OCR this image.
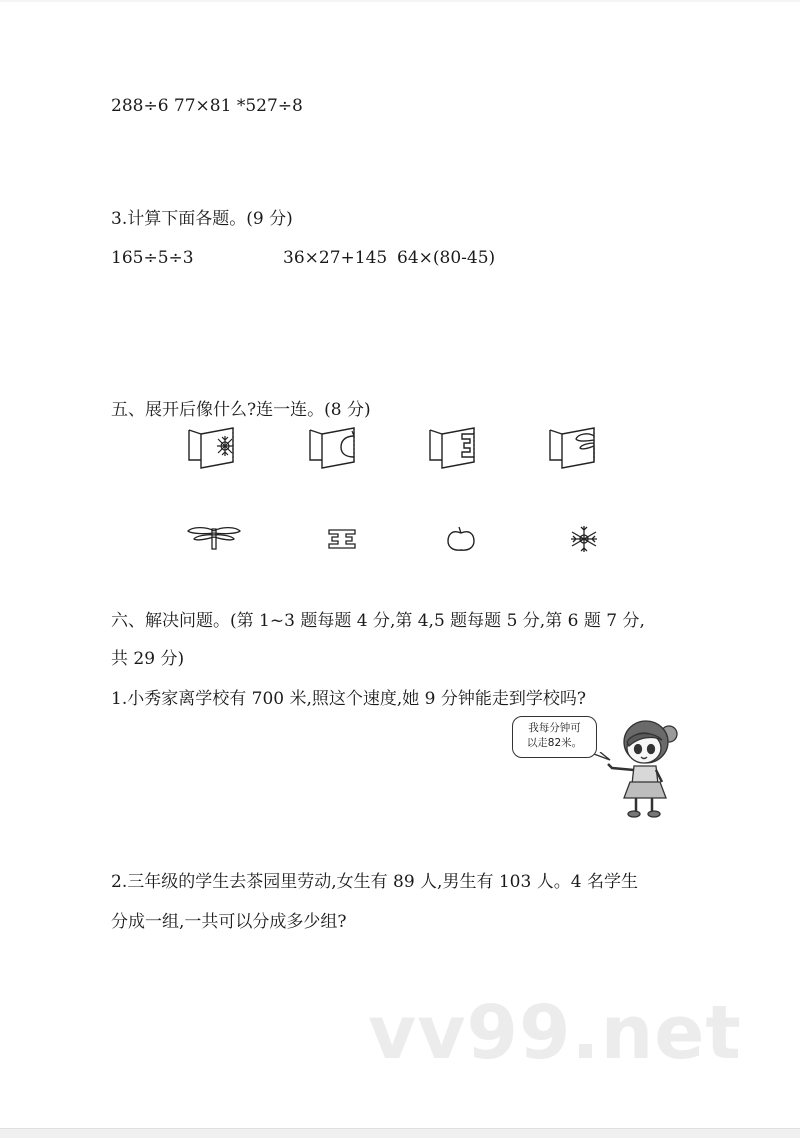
288÷6 77×81 *527÷8
3.计算下面各题。(9 分)
165÷5÷3	36×27+145 64×(80-45)
五、展开后像什么?连一连。(8 分)
六、解决问题。(第 1~3 题每题 4 分,第 4,5 题每题 5 分,第 6 题 7 分,
共 29 分)
1.小秀家离学校有 700 米,照这个速度,她 9 分钟能走到学校吗?
我每分钟可
以走82米。
2.三年级的学生去茶园里劳动,女生有 89 人,男生有 103 人。4 名学生
分成一组,一共可以分成多少组?
vv99.net
